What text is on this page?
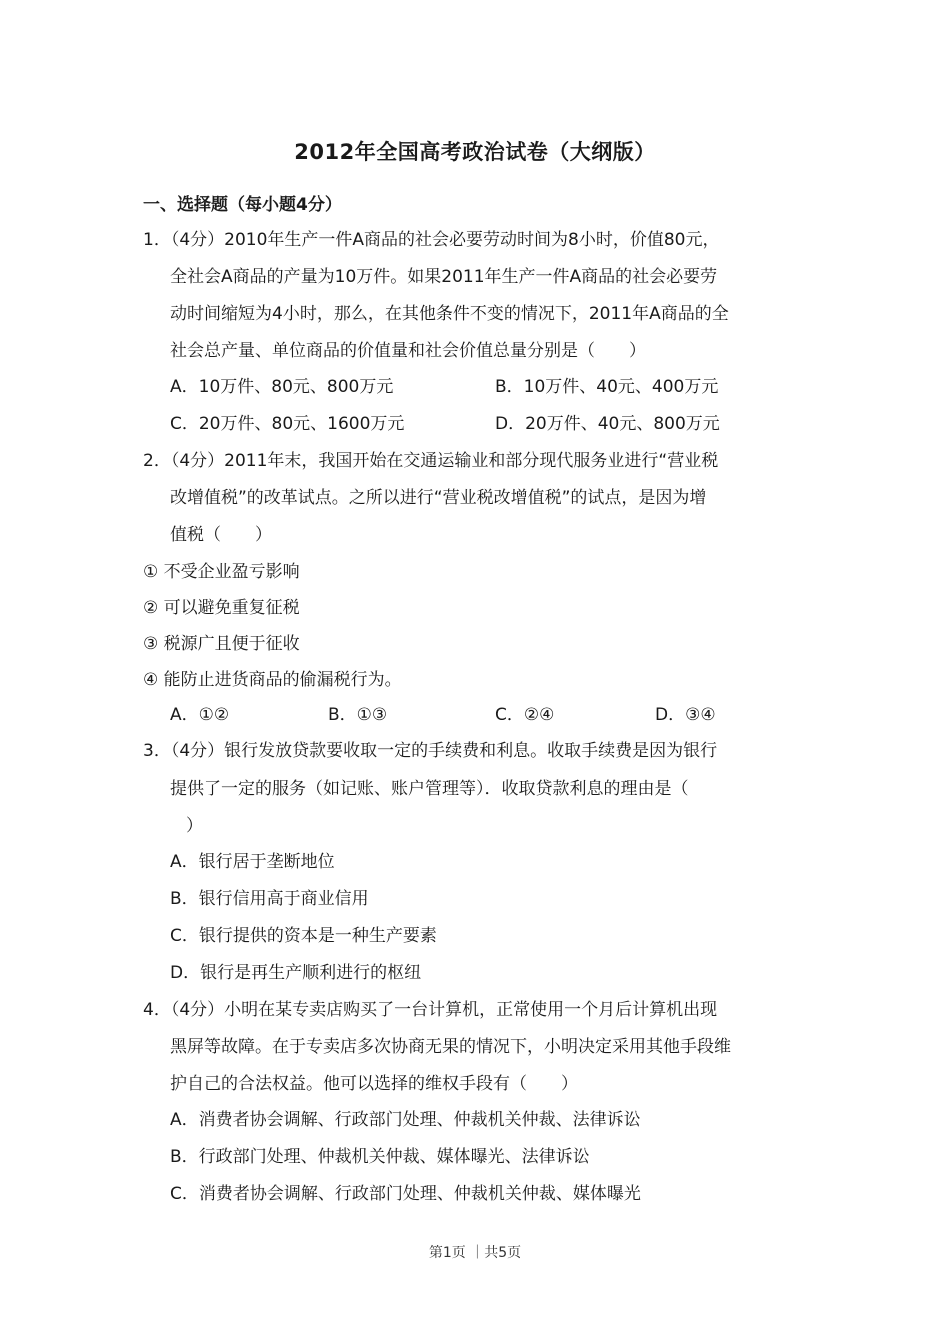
2012年全国高考政治试卷（大纲版）
一、选择题（每小题4分）
1．（4分）2010年生产一件A商品的社会必要劳动时间为8小时，价值80元，
全社会A商品的产量为10万件。如果2011年生产一件A商品的社会必要劳
动时间缩短为4小时，那么，在其他条件不变的情况下，2011年A商品的全
社会总产量、单位商品的价值量和社会价值总量分别是（　　）
A．10万件、80元、800万元	B．10万件、40元、400万元
C．20万件、80元、1600万元	D．20万件、40元、800万元
2．（4分）2011年末，我国开始在交通运输业和部分现代服务业进行“营业税
改增值税”的改革试点。之所以进行“营业税改增值税”的试点，是因为增
值税（　　）
① 不受企业盈亏影响
② 可以避免重复征税
③ 税源广且便于征收
④ 能防止进货商品的偷漏税行为。
A．①②	B．①③	C．②④	D．③④
3．（4分）银行发放贷款要收取一定的手续费和利息。收取手续费是因为银行
提供了一定的服务（如记账、账户管理等）．收取贷款利息的理由是（
）
A．银行居于垄断地位
B．银行信用高于商业信用
C．银行提供的资本是一种生产要素
D．银行是再生产顺利进行的枢纽
4．（4分）小明在某专卖店购买了一台计算机，正常使用一个月后计算机出现
黑屏等故障。在于专卖店多次协商无果的情况下，小明决定采用其他手段维
护自己的合法权益。他可以选择的维权手段有（　　）
A．消费者协会调解、行政部门处理、仲裁机关仲裁、法律诉讼
B．行政部门处理、仲裁机关仲裁、媒体曝光、法律诉讼
C．消费者协会调解、行政部门处理、仲裁机关仲裁、媒体曝光
第1页 ｜共5页
